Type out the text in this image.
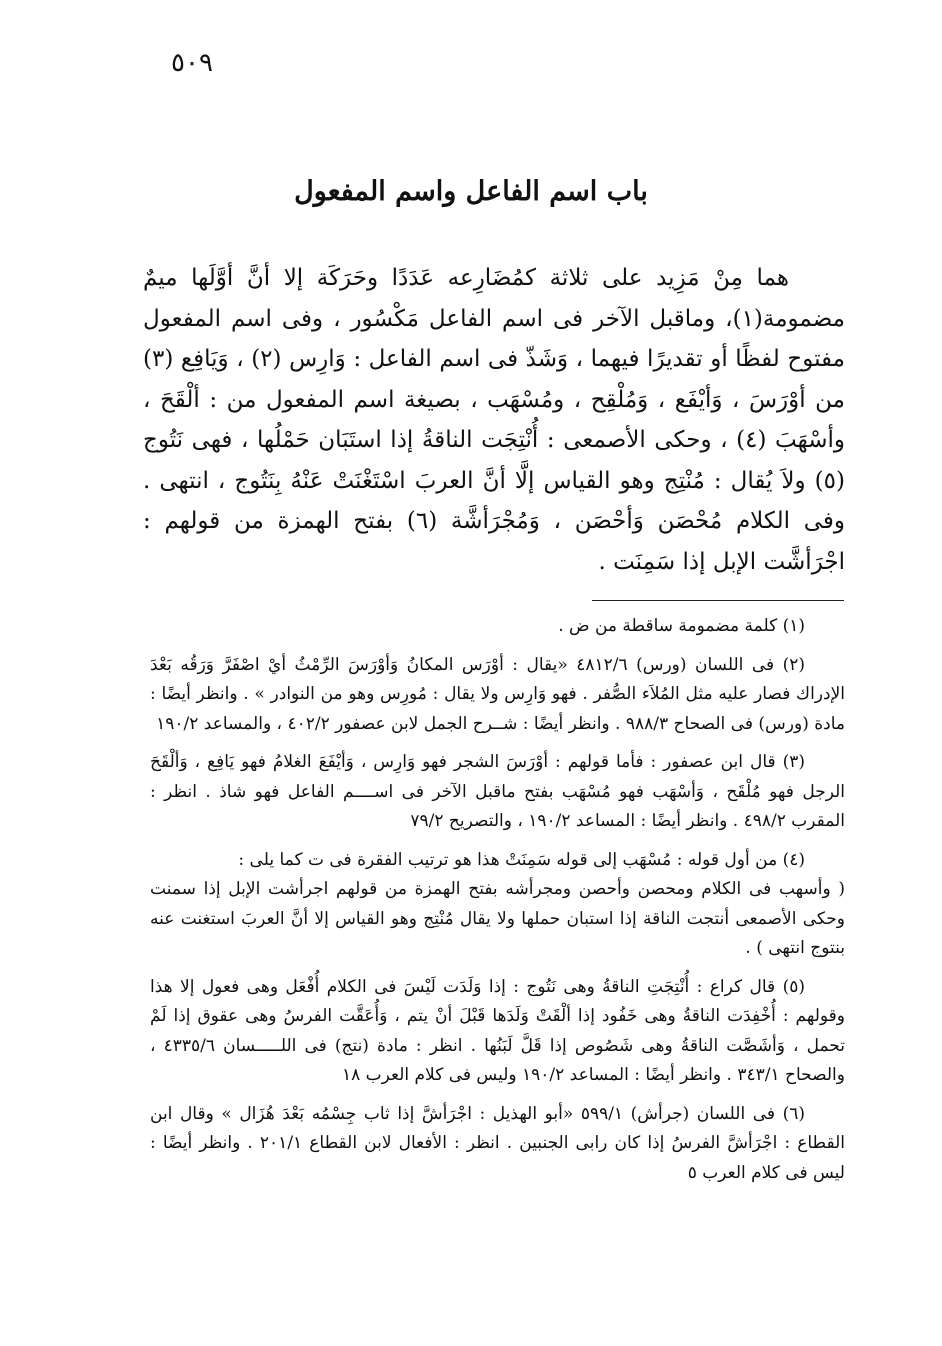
٥٠٩
باب اسم الفاعل واسم المفعول

هما مِنْ مَزِيد على ثلاثة كمُضَارِعه عَدَدًا وحَرَكَة إلا أنَّ أوَّلَها ميمٌ مضمومة(١)، وماقبل الآخر فى اسم الفاعل مَكْسُور ، وفى اسم المفعول مفتوح لفظًا أو تقديرًا فيهما ، وَشَذّ فى اسم الفاعل : وَارِس (٢) ، وَيَافِع (٣) من أوْرَسَ ، وَأيْفَع ، وَمُلْقِح ، ومُسْهَب ، بصيغة اسم المفعول من : ألْقَحَ ، وأسْهَبَ (٤) ، وحكى الأصمعى : أُنْتِجَت الناقةُ إذا استَبَان حَمْلُها ، فهى نَتُوج (٥) ولاَ يُقال : مُنْتِج وهو القياس إلَّا أنَّ العربَ اسْتَغْنَتْ عَنْهُ بِنَتُوج ، انتهى . وفى الكلام مُحْصَن وَأحْصَن ، وَمُجْرَأشَّة (٦) بفتح الهمزة من قولهم : اجْرَأشَّت الإبل إذا سَمِنَت .

(١) كلمة مضمومة ساقطة من ض .

(٢) فى اللسان (ورس) ٤٨١٢/٦ «يقال : أوْرَس المكانُ وَأوْرَسَ الرِّمْثُ أيْ اصْفَرَّ وَرَقُه بَعْدَ الإدراك فصار عليه مثل المُلاَء الصُّفر . فهو وَارِس ولا يقال : مُورِس وهو من النوادر » . وانظر أيضًا : مادة (ورس) فى الصحاح ٩٨٨/٣ . وانظر أيضًا : شــرح الجمل لابن عصفور ٤٠٢/٢ ، والمساعد ١٩٠/٢

(٣) قال ابن عصفور : فأما قولهم : أوْرَسَ الشجر فهو وَارِس ، وَأيْفَعَ الغلامُ فهو يَافِع ، وَألْقَحَ الرجل فهو مُلْقَح ، وَأسْهَب فهو مُسْهَب بفتح ماقبل الآخر فى اســــم الفاعل فهو شاذ . انظر : المقرب ٤٩٨/٢ . وانظر أيضًا : المساعد ١٩٠/٢ ، والتصريح ٧٩/٢

(٤) من أول قوله : مُسْهَب إلى قوله سَمِنَتْ هذا هو ترتيب الفقرة فى ت كما يلى :

( وأسهب فى الكلام ومحصن وأحصن ومجرأشه بفتح الهمزة من قولهم اجرأشت الإبل إذا سمنت وحكى الأصمعى أنتجت الناقة إذا استبان حملها ولا يقال مُنْتِج وهو القياس إلا أنَّ العربَ استغنت عنه بنتوج انتهى ) .

(٥) قال كراع : أُنْتِجَتِ الناقةُ وهى نَتُوج : إذا وَلَدَت لَيْسَ فى الكلام أُفْعَل وهى فعول إلا هذا وقولهم : أُخْفِدَت الناقةُ وهى خَفُود إذا ألْقَتْ وَلَدَها قَبْلَ أنْ يتم ، وَأُعَقَّت الفرسُ وهى عقوق إذا لَمْ تحمل ، وَأشَصَّت الناقةُ وهى شَصُوص إذا قَلَّ لَبَنُها . انظر : مادة (نتج) فى اللـــــسان ٤٣٣٥/٦ ، والصحاح ٣٤٣/١ . وانظر أيضًا : المساعد ١٩٠/٢ وليس فى كلام العرب ١٨

(٦) فى اللسان (جرأش) ٥٩٩/١ «أبو الهذيل : اجْرَأشَّ إذا ثاب جِسْمُه بَعْدَ هُزَال » وقال ابن القطاع : اجْرَأشَّ الفرسُ إذا كان رابى الجنبين . انظر : الأفعال لابن القطاع ٢٠١/١ . وانظر أيضًا : ليس فى كلام العرب ٥
